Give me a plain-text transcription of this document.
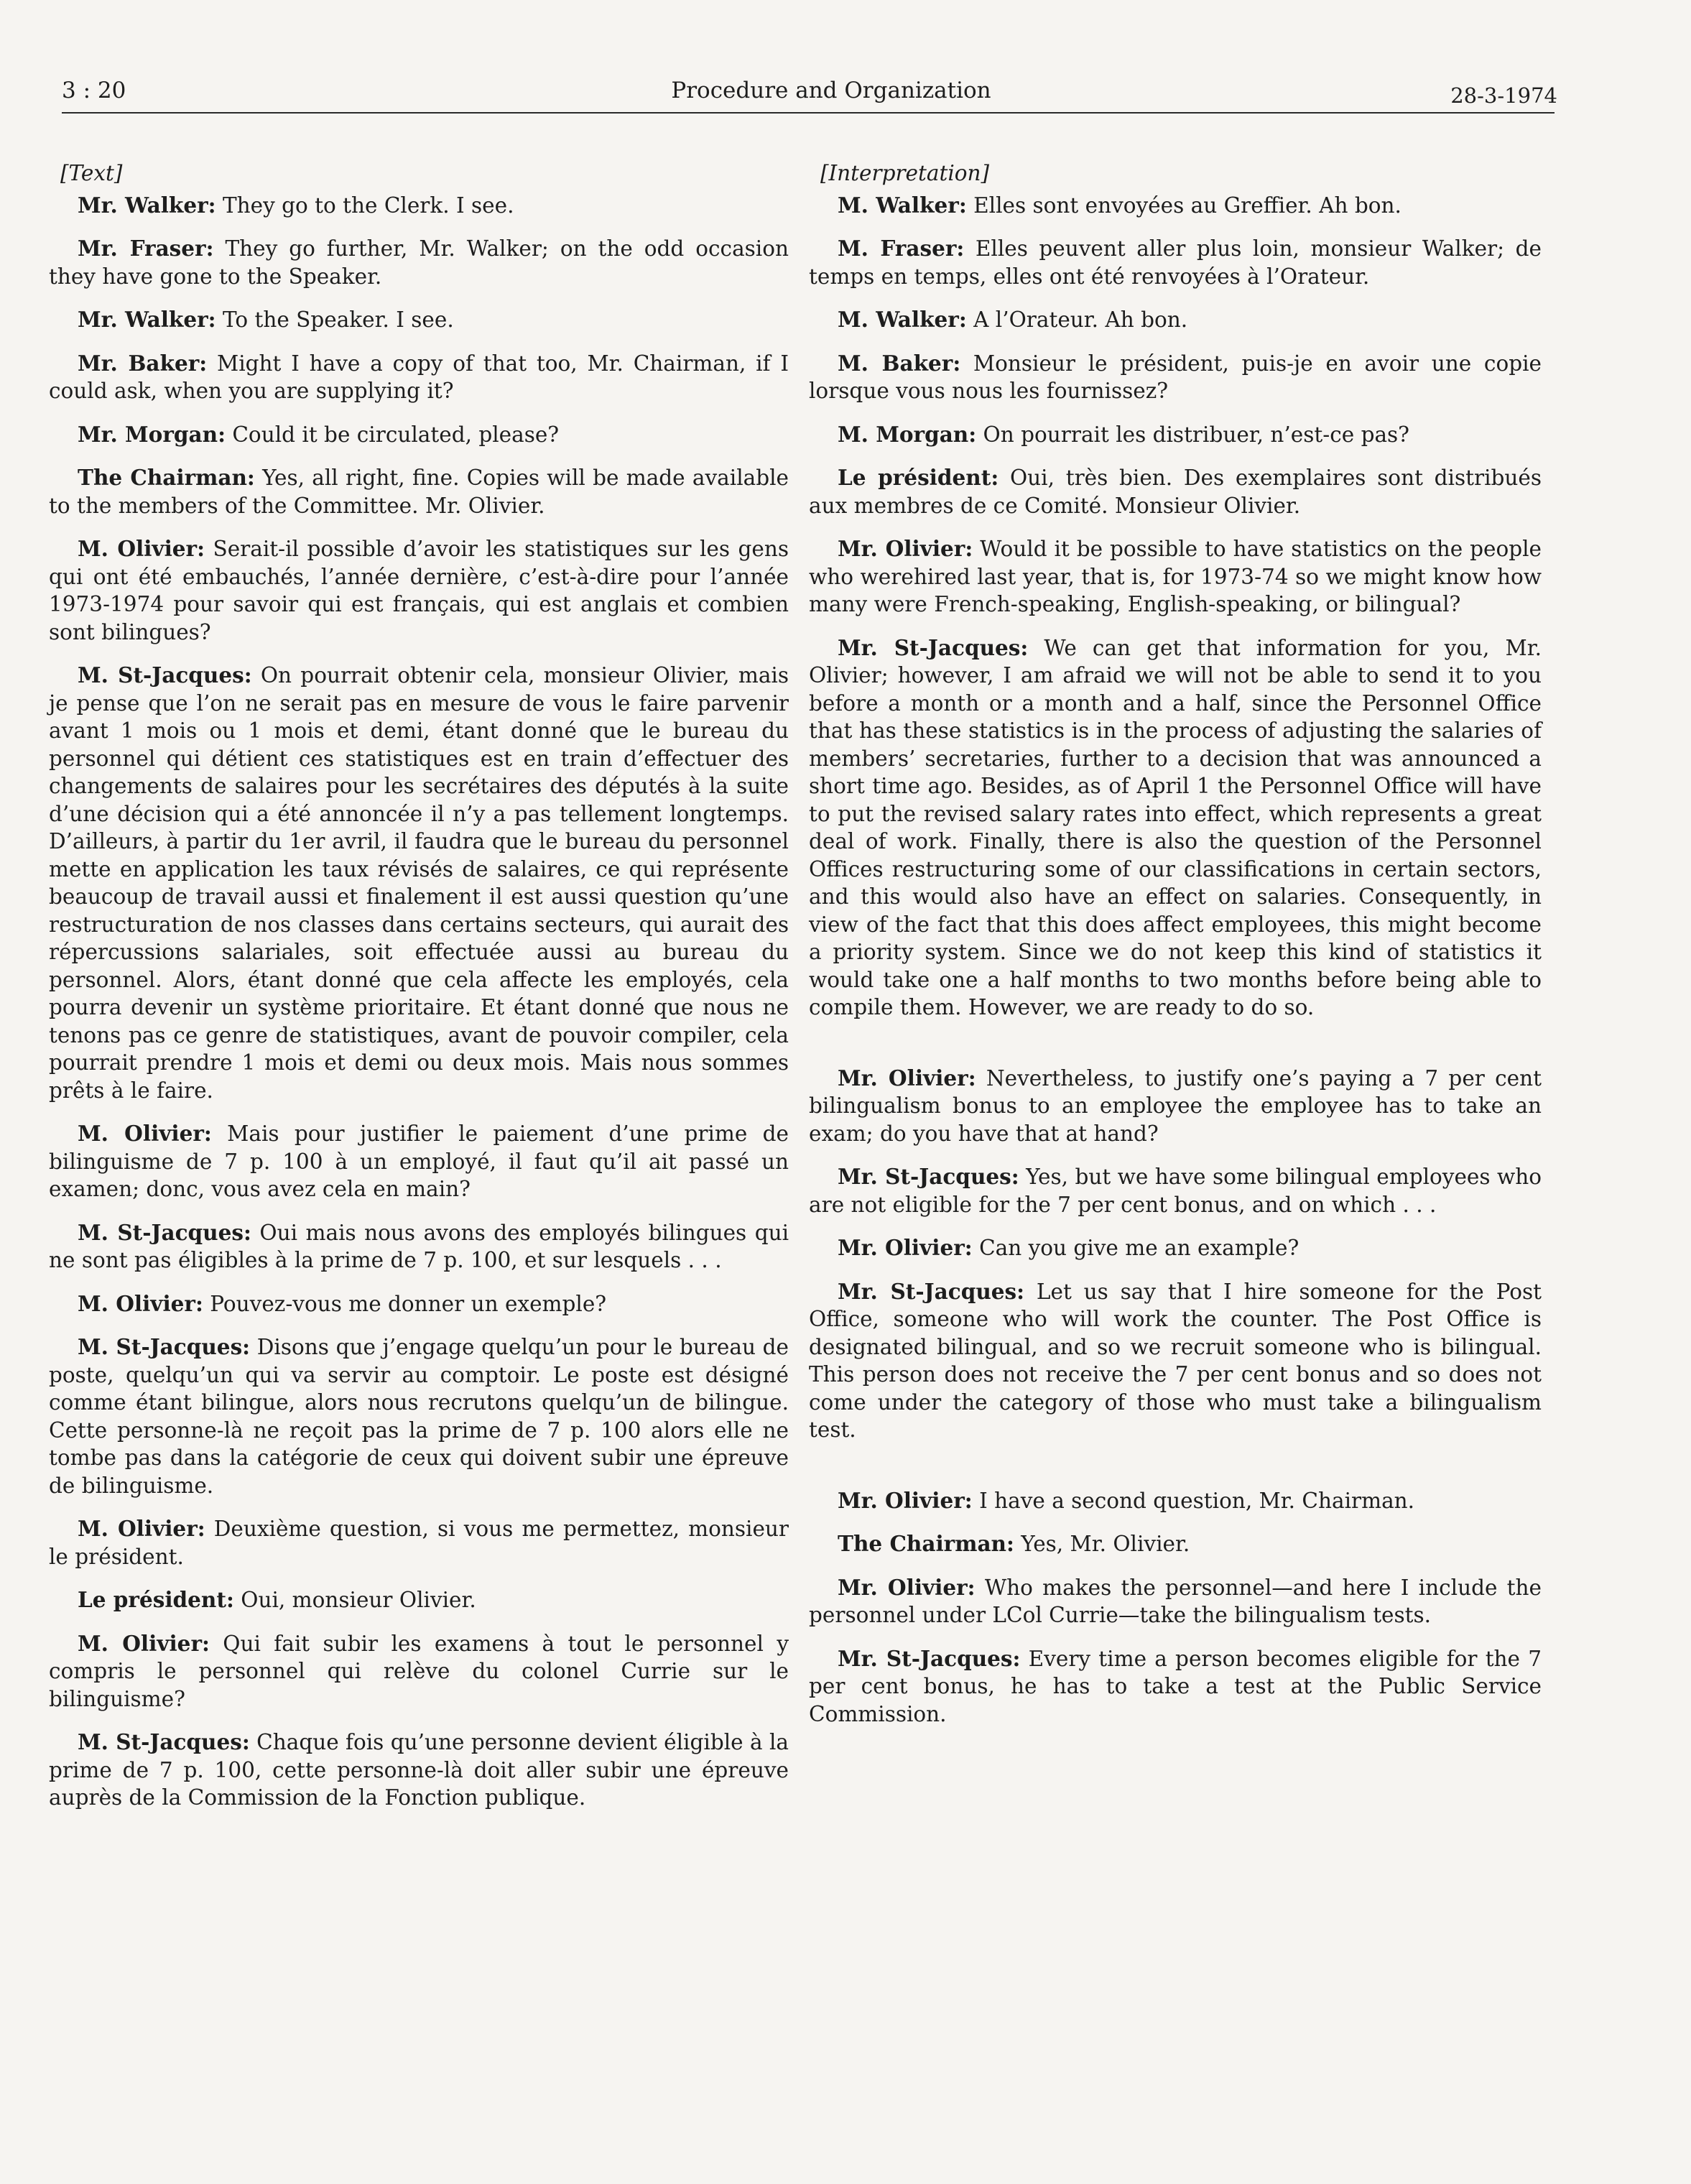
3 : 20	Procedure and Organization	28-3-1974
[Text]

Mr. Walker: They go to the Clerk. I see.

Mr. Fraser: They go further, Mr. Walker; on the odd occasion they have gone to the Speaker.

Mr. Walker: To the Speaker. I see.

Mr. Baker: Might I have a copy of that too, Mr. Chairman, if I could ask, when you are supplying it?

Mr. Morgan: Could it be circulated, please?

The Chairman: Yes, all right, fine. Copies will be made available to the members of the Committee. Mr. Olivier.

M. Olivier: Serait-il possible d’avoir les statistiques sur les gens qui ont été embauchés, l’année dernière, c’est-à-dire pour l’année 1973-1974 pour savoir qui est français, qui est anglais et combien sont bilingues?

M. St-Jacques: On pourrait obtenir cela, monsieur Olivier, mais je pense que l’on ne serait pas en mesure de vous le faire parvenir avant 1 mois ou 1 mois et demi, étant donné que le bureau du personnel qui détient ces statistiques est en train d’effectuer des changements de salaires pour les secrétaires des députés à la suite d’une décision qui a été annoncée il n’y a pas tellement longtemps. D’ailleurs, à partir du 1er avril, il faudra que le bureau du personnel mette en application les taux révisés de salaires, ce qui représente beaucoup de travail aussi et finalement il est aussi question qu’une restructuration de nos classes dans certains secteurs, qui aurait des répercussions salariales, soit effectuée aussi au bureau du personnel. Alors, étant donné que cela affecte les employés, cela pourra devenir un système prioritaire. Et étant donné que nous ne tenons pas ce genre de statistiques, avant de pouvoir compiler, cela pourrait prendre 1 mois et demi ou deux mois. Mais nous sommes prêts à le faire.

M. Olivier: Mais pour justifier le paiement d’une prime de bilinguisme de 7 p. 100 à un employé, il faut qu’il ait passé un examen; donc, vous avez cela en main?

M. St-Jacques: Oui mais nous avons des employés bilingues qui ne sont pas éligibles à la prime de 7 p. 100, et sur lesquels . . .

M. Olivier: Pouvez-vous me donner un exemple?

M. St-Jacques: Disons que j’engage quelqu’un pour le bureau de poste, quelqu’un qui va servir au comptoir. Le poste est désigné comme étant bilingue, alors nous recrutons quelqu’un de bilingue. Cette personne-là ne reçoit pas la prime de 7 p. 100 alors elle ne tombe pas dans la catégorie de ceux qui doivent subir une épreuve de bilinguisme.

M. Olivier: Deuxième question, si vous me permettez, monsieur le président.

Le président: Oui, monsieur Olivier.

M. Olivier: Qui fait subir les examens à tout le personnel y compris le personnel qui relève du colonel Currie sur le bilinguisme?

M. St-Jacques: Chaque fois qu’une personne devient éligible à la prime de 7 p. 100, cette personne-là doit aller subir une épreuve auprès de la Commission de la Fonction publique.

[Interpretation]

M. Walker: Elles sont envoyées au Greffier. Ah bon.

M. Fraser: Elles peuvent aller plus loin, monsieur Walker; de temps en temps, elles ont été renvoyées à l’Orateur.

M. Walker: A l’Orateur. Ah bon.

M. Baker: Monsieur le président, puis-je en avoir une copie lorsque vous nous les fournissez?

M. Morgan: On pourrait les distribuer, n’est-ce pas?

Le président: Oui, très bien. Des exemplaires sont distribués aux membres de ce Comité. Monsieur Olivier.

Mr. Olivier: Would it be possible to have statistics on the people who werehired last year, that is, for 1973-74 so we might know how many were French-speaking, English-speaking, or bilingual?

Mr. St-Jacques: We can get that information for you, Mr. Olivier; however, I am afraid we will not be able to send it to you before a month or a month and a half, since the Personnel Office that has these statistics is in the process of adjusting the salaries of members’ secretaries, further to a decision that was announced a short time ago. Besides, as of April 1 the Personnel Office will have to put the revised salary rates into effect, which represents a great deal of work. Finally, there is also the question of the Personnel Offices restructuring some of our classifications in certain sectors, and this would also have an effect on salaries. Consequently, in view of the fact that this does affect employees, this might become a priority system. Since we do not keep this kind of statistics it would take one a half months to two months before being able to compile them. However, we are ready to do so.

Mr. Olivier: Nevertheless, to justify one’s paying a 7 per cent bilingualism bonus to an employee the employee has to take an exam; do you have that at hand?

Mr. St-Jacques: Yes, but we have some bilingual employees who are not eligible for the 7 per cent bonus, and on which . . .

Mr. Olivier: Can you give me an example?

Mr. St-Jacques: Let us say that I hire someone for the Post Office, someone who will work the counter. The Post Office is designated bilingual, and so we recruit someone who is bilingual. This person does not receive the 7 per cent bonus and so does not come under the category of those who must take a bilingualism test.

Mr. Olivier: I have a second question, Mr. Chairman.

The Chairman: Yes, Mr. Olivier.

Mr. Olivier: Who makes the personnel—and here I include the personnel under LCol Currie—take the bilingualism tests.

Mr. St-Jacques: Every time a person becomes eligible for the 7 per cent bonus, he has to take a test at the Public Service Commission.
